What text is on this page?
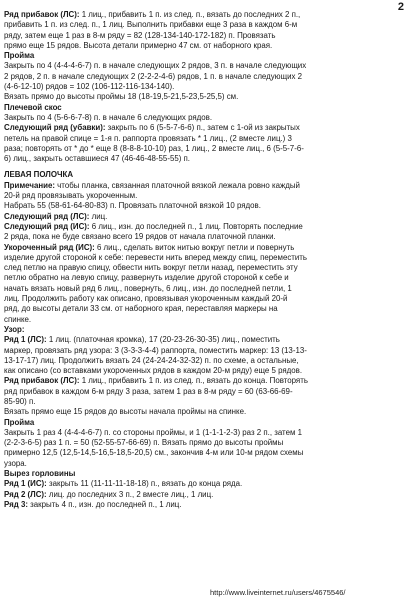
2

Ряд прибавок (ЛС): 1 лиц., прибавить 1 п. из след. п., вязать до последних 2 п.,

прибавить 1 п. из след. п., 1 лиц. Выполнить прибавки еще 3 раза в каждом 6-м

ряду, затем еще 1 раз в 8-м ряду = 82 (128-134-140-172-182) п. Провязать

прямо еще 15 рядов. Высота детали примерно 47 см. от наборного края.

Пройма

Закрыть по 4 (4-4-4-6-7) п. в начале следующих 2 рядов, 3 п. в начале следующих

2 рядов, 2 п. в начале следующих 2 (2-2-2-4-6) рядов, 1 п. в начале следующих 2

(4-6-12-10) рядов = 102 (106-112-116-134-140).

Вязать прямо до высоты проймы 18 (18-19,5-21,5-23,5-25,5) см.

Плечевой скос

Закрыть по 4 (5-6-6-7-8) п. в начале 6 следующих рядов.

Следующий ряд (убавки): закрыть по 6 (5-5-7-6-6) п., затем с 1-ой из закрытых

петель на правой спице = 1-я п. раппорта провязать * 1 лиц., (2 вместе лиц.) 3

раза; повторять от * до * еще 8 (8-8-8-10-10) раз, 1 лиц., 2 вместе лиц., 6 (5-5-7-6-

6) лиц., закрыть оставшиеся 47 (46-46-48-55-55) п.

ЛЕВАЯ ПОЛОЧКА

Примечание: чтобы планка, связанная платочной вязкой лежала ровно каждый

20-й ряд провязывать укороченным.

Набрать 55 (58-61-64-80-83) п. Провязать платочной вязкой 10 рядов.

Следующий ряд (ЛС): лиц.

Следующий ряд (ИС): 6 лиц., изн. до последней п., 1 лиц. Повторять последние

2 ряда, пока не буде связано всего 19 рядов от начала платочной планки.

Укороченный ряд (ИС): 6 лиц., сделать виток нитью вокруг петли и повернуть

изделие другой стороной к себе: перевести нить вперед между спиц, переместить

след петлю на правую спицу, обвести нить вокруг петли назад, переместить эту

петлю обратно на левую спицу, развернуть изделие другой стороной к себе и

начать вязать новый ряд 6 лиц., повернуть, 6 лиц., изн. до последней петли, 1

лиц. Продолжить работу как описано, провязывая укороченным каждый 20-й

ряд, до высоты детали 33 см. от наборного края, переставляя маркеры на

спинке.

Узор:

Ряд 1 (ЛС): 1 лиц. (платочная кромка), 17 (20-23-26-30-35) лиц., поместить

маркер, провязать ряд узора: 3 (3-3-3-4-4) раппорта, поместить маркер: 13 (13-13-

13-17-17) лиц. Продолжить вязать 24 (24-24-24-32-32) п. по схеме, а остальные,

как описано (со вставками укороченных рядов в каждом 20-м ряду) еще 5 рядов.

Ряд прибавок (ЛС): 1 лиц., прибавить 1 п. из след. п., вязать до конца. Повторять

ряд прибавок в каждом 6-м ряду 3 раза, затем 1 раз в 8-м ряду = 60 (63-66-69-

85-90) п.

Вязать прямо еще 15 рядов до высоты начала проймы на спинке.

Пройма

Закрыть 1 раз 4 (4-4-4-6-7) п. со стороны проймы, и 1 (1-1-1-2-3) раз 2 п., затем 1

(2-2-3-6-5) раз 1 п. = 50 (52-55-57-66-69) п. Вязать прямо до высоты проймы

примерно 12,5 (12,5-14,5-16,5-18,5-20,5) см., закончив 4-м или 10-м рядом схемы

узора.

Вырез горловины

Ряд 1 (ИС): закрыть 11 (11-11-11-18-18) п., вязать до конца ряда.

Ряд 2 (ЛС): лиц. до последних 3 п., 2 вместе лиц., 1 лиц.

Ряд 3: закрыть 4 п., изн. до последней п., 1 лиц.

http://www.liveinternet.ru/users/4675546/
